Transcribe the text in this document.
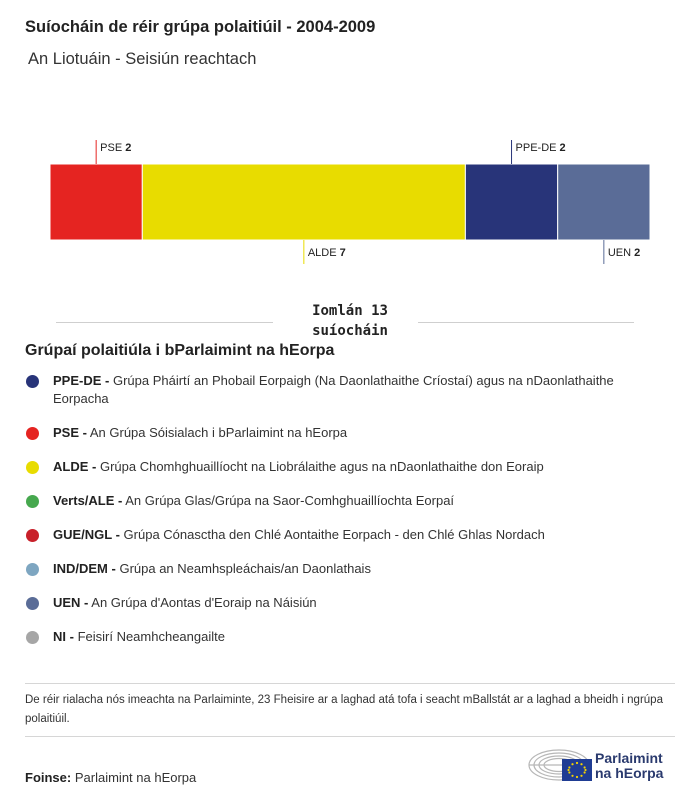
Suíocháin de réir grúpa polaitiúil - 2004-2009
An Liotuáin - Seisiún reachtach
PSE 2
ALDE 7
PPE-DE 2
UEN 2
Iomlán 13 suíocháin
Grúpaí polaitiúla i bParlaimint na hEorpa
PPE-DE - Grúpa Pháirtí an Phobail Eorpaigh (Na Daonlathaithe Críostaí) agus na nDaonlathaithe Eorpacha
PSE - An Grúpa Sóisialach i bParlaimint na hEorpa
ALDE - Grúpa Chomhghuaillíocht na Liobrálaithe agus na nDaonlathaithe don Eoraip
Verts/ALE - An Grúpa Glas/Grúpa na Saor-Comhghuaillíochta Eorpaí
GUE/NGL - Grúpa Cónasctha den Chlé Aontaithe Eorpach - den Chlé Ghlas Nordach
IND/DEM - Grúpa an Neamhspleáchais/an Daonlathais
UEN - An Grúpa d'Aontas d'Eoraip na Náisiún
NI - Feisirí Neamhcheangailte
De réir rialacha nós imeachta na Parlaiminte, 23 Fheisire ar a laghad atá tofa i seacht mBallstát ar a laghad a bheidh i ngrúpa polaitiúil.
Foinse: Parlaimint na hEorpa
Parlaimint
na hEorpa
